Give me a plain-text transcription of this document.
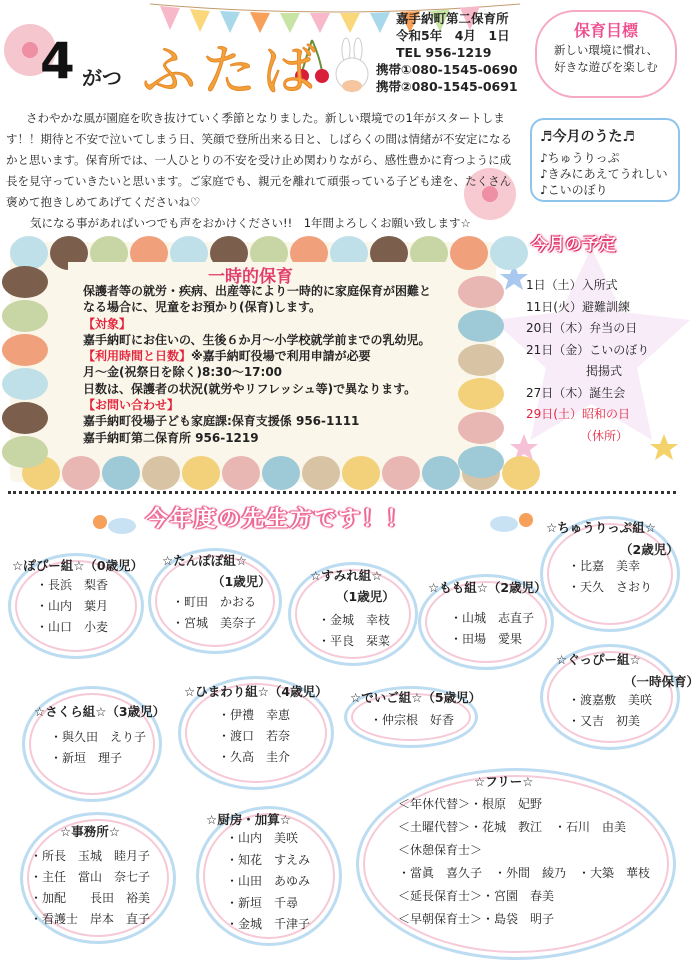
4 がつ ふたば
嘉手納町第二保育所
令和5年　4月　1日
TEL 956-1219
携帯①080-1545-0690
携帯②080-1545-0691
保育目標
新しい環境に慣れ、
好きな遊びを楽しむ

さわやかな風が園庭を吹き抜けていく季節となりました。新しい環境での1年がスタートします！！期待と不安で泣いてしまう日、笑顔で登所出来る日と、しばらくの間は情緒が不安定になるかと思います。保育所では、一人ひとりの不安を受け止め関わりながら、感性豊かに育つように成長を見守っていきたいと思います。ご家庭でも、親元を離れて頑張っている子ども達を、たくさん褒めて抱きしめてあげてくださいね♡

気になる事があればいつでも声をおかけください!!　1年間よろしくお願い致します☆

♬今月のうた♬
♪ちゅうりっぷ
♪きみにあえてうれしい
♪こいのぼり
今月の予定
1日（土）入所式
11日(火）避難訓練
20日（木）弁当の日
21日（金）こいのぼり
　　　　　掲揚式
27日（木）誕生会
29日(土）昭和の日
　　　　　（休所）
一時的保育
保護者等の就労・疾病、出産等により一時的に家庭保育が困難と
なる場合に、児童をお預かり(保育)します。
【対象】
嘉手納町にお住いの、生後６か月～小学校就学前までの乳幼児。
【利用時間と日数】※嘉手納町役場で利用申請が必要
月～金(祝祭日を除く)8:30～17:00
日数は、保護者の状況(就労やリフレッシュ等)で異なります。
【お問い合わせ】
嘉手納町役場子ども家庭課:保育支援係 956-1111
嘉手納町第二保育所 956-1219
今年度の先生方です！！
☆ぽぴー組☆（0歳児）
・長浜　梨香
・山内　葉月
・山口　小麦
☆たんぽぽ組☆
（1歳児）
・町田　かおる
・宮城　美奈子
☆すみれ組☆
（1歳児）
・金城　幸枝
・平良　栞菜
☆もも組☆（2歳児）
・山城　志直子
・田場　愛果
☆ちゅうりっぷ組☆
（2歳児）
・比嘉　美幸
・天久　さおり
☆ぐっぴー組☆
（一時保育）
・渡嘉敷　美咲
・又吉　初美
☆さくら組☆（3歳児）
・與久田　えり子
・新垣　理子
☆ひまわり組☆（4歳児）
・伊禮　幸恵
・渡口　若奈
・久高　圭介
☆でいご組☆（5歳児）
・仲宗根　好香
☆事務所☆
・所長　玉城　睦月子
・主任　當山　奈七子
・加配　　長田　裕美
・看護士　岸本　直子
☆厨房・加算☆
・山内　美咲
・知花　すえみ
・山田　あゆみ
・新垣　千尋
・金城　千津子
☆フリー☆
＜年休代替＞・根原　妃野
＜土曜代替＞・花城　教江　・石川　由美
＜休憩保育士＞
・當眞　喜久子　・外間　綾乃　・大築　華枝
＜延長保育士＞・宮園　春美
＜早朝保育士＞・島袋　明子
